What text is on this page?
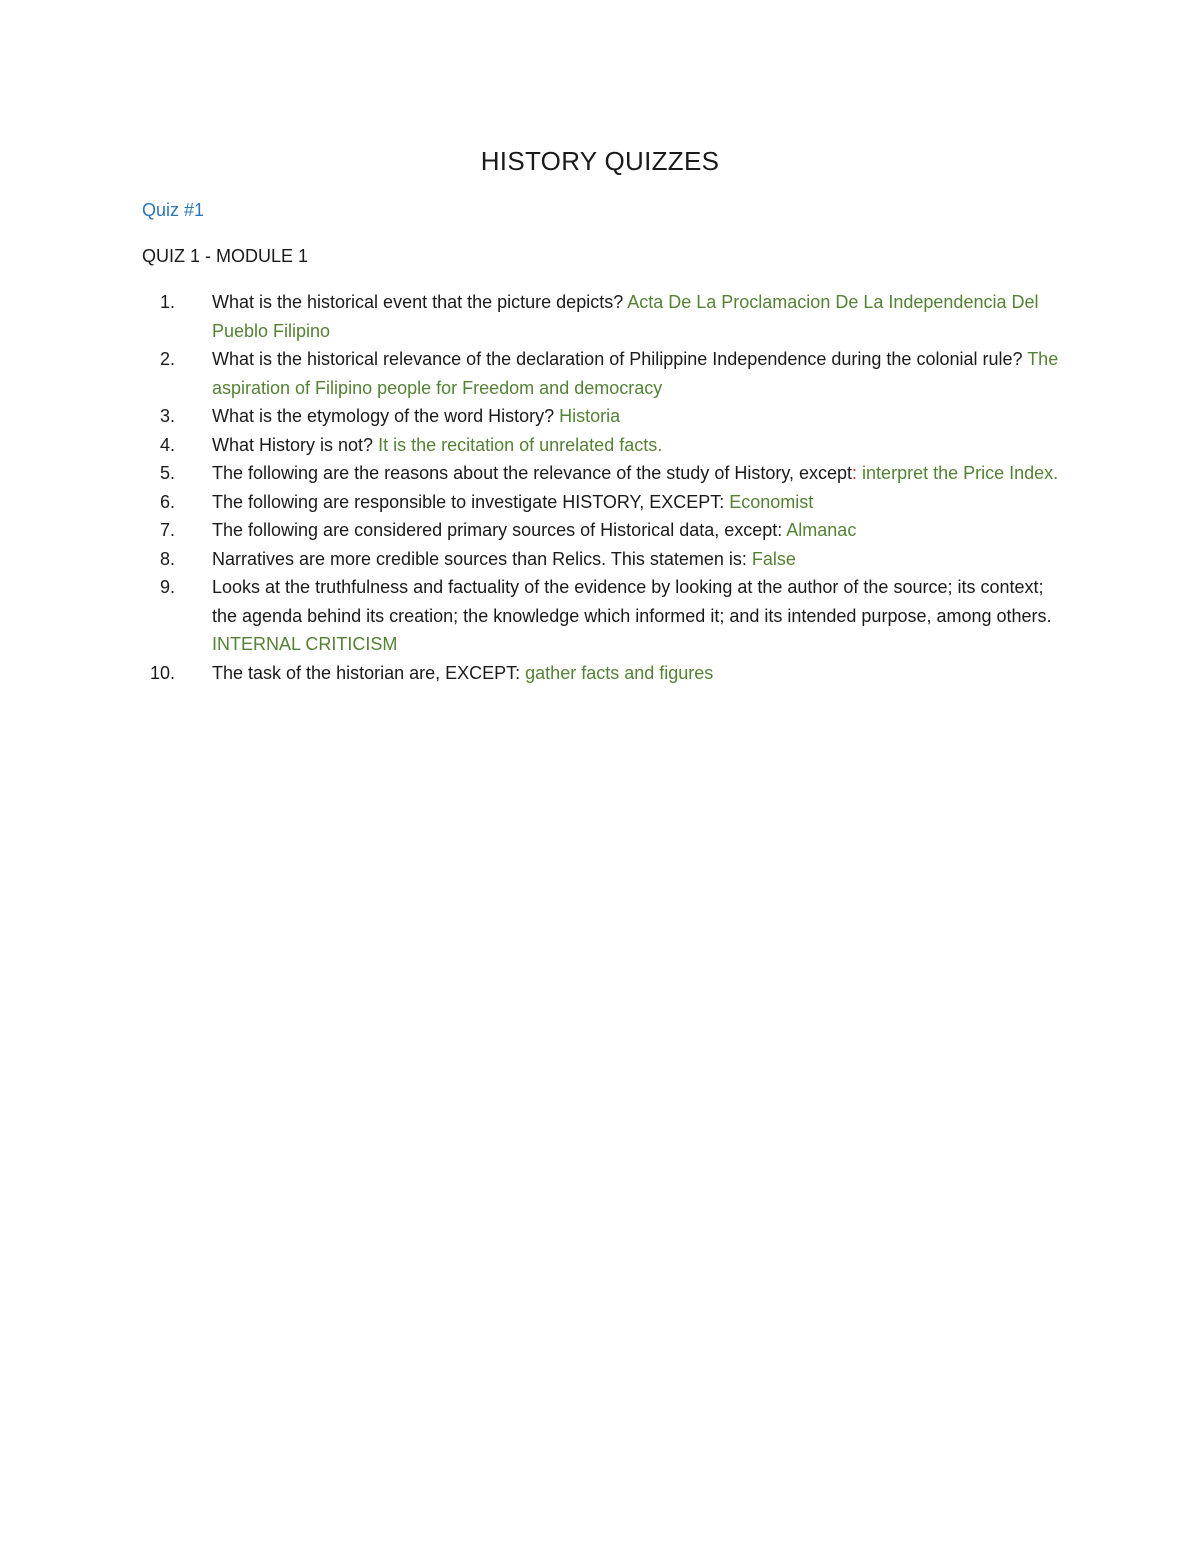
HISTORY QUIZZES
Quiz #1
QUIZ 1 - MODULE 1
1.	What is the historical event that the picture depicts? Acta De La Proclamacion De La Independencia Del Pueblo Filipino
2.	What is the historical relevance of the declaration of Philippine Independence during the colonial rule? The aspiration of Filipino people for Freedom and democracy
3.	What is the etymology of the word History? Historia
4.	What History is not? It is the recitation of unrelated facts.
5.	The following are the reasons about the relevance of the study of History, except: interpret the Price Index.
6.	The following are responsible to investigate HISTORY, EXCEPT: Economist
7.	The following are considered primary sources of Historical data, except: Almanac
8.	Narratives are more credible sources than Relics. This statemen is: False
9.	Looks at the truthfulness and factuality of the evidence by looking at the author of the source; its context; the agenda behind its creation; the knowledge which informed it; and its intended purpose, among others. INTERNAL CRITICISM
10.	The task of the historian are, EXCEPT: gather facts and figures
